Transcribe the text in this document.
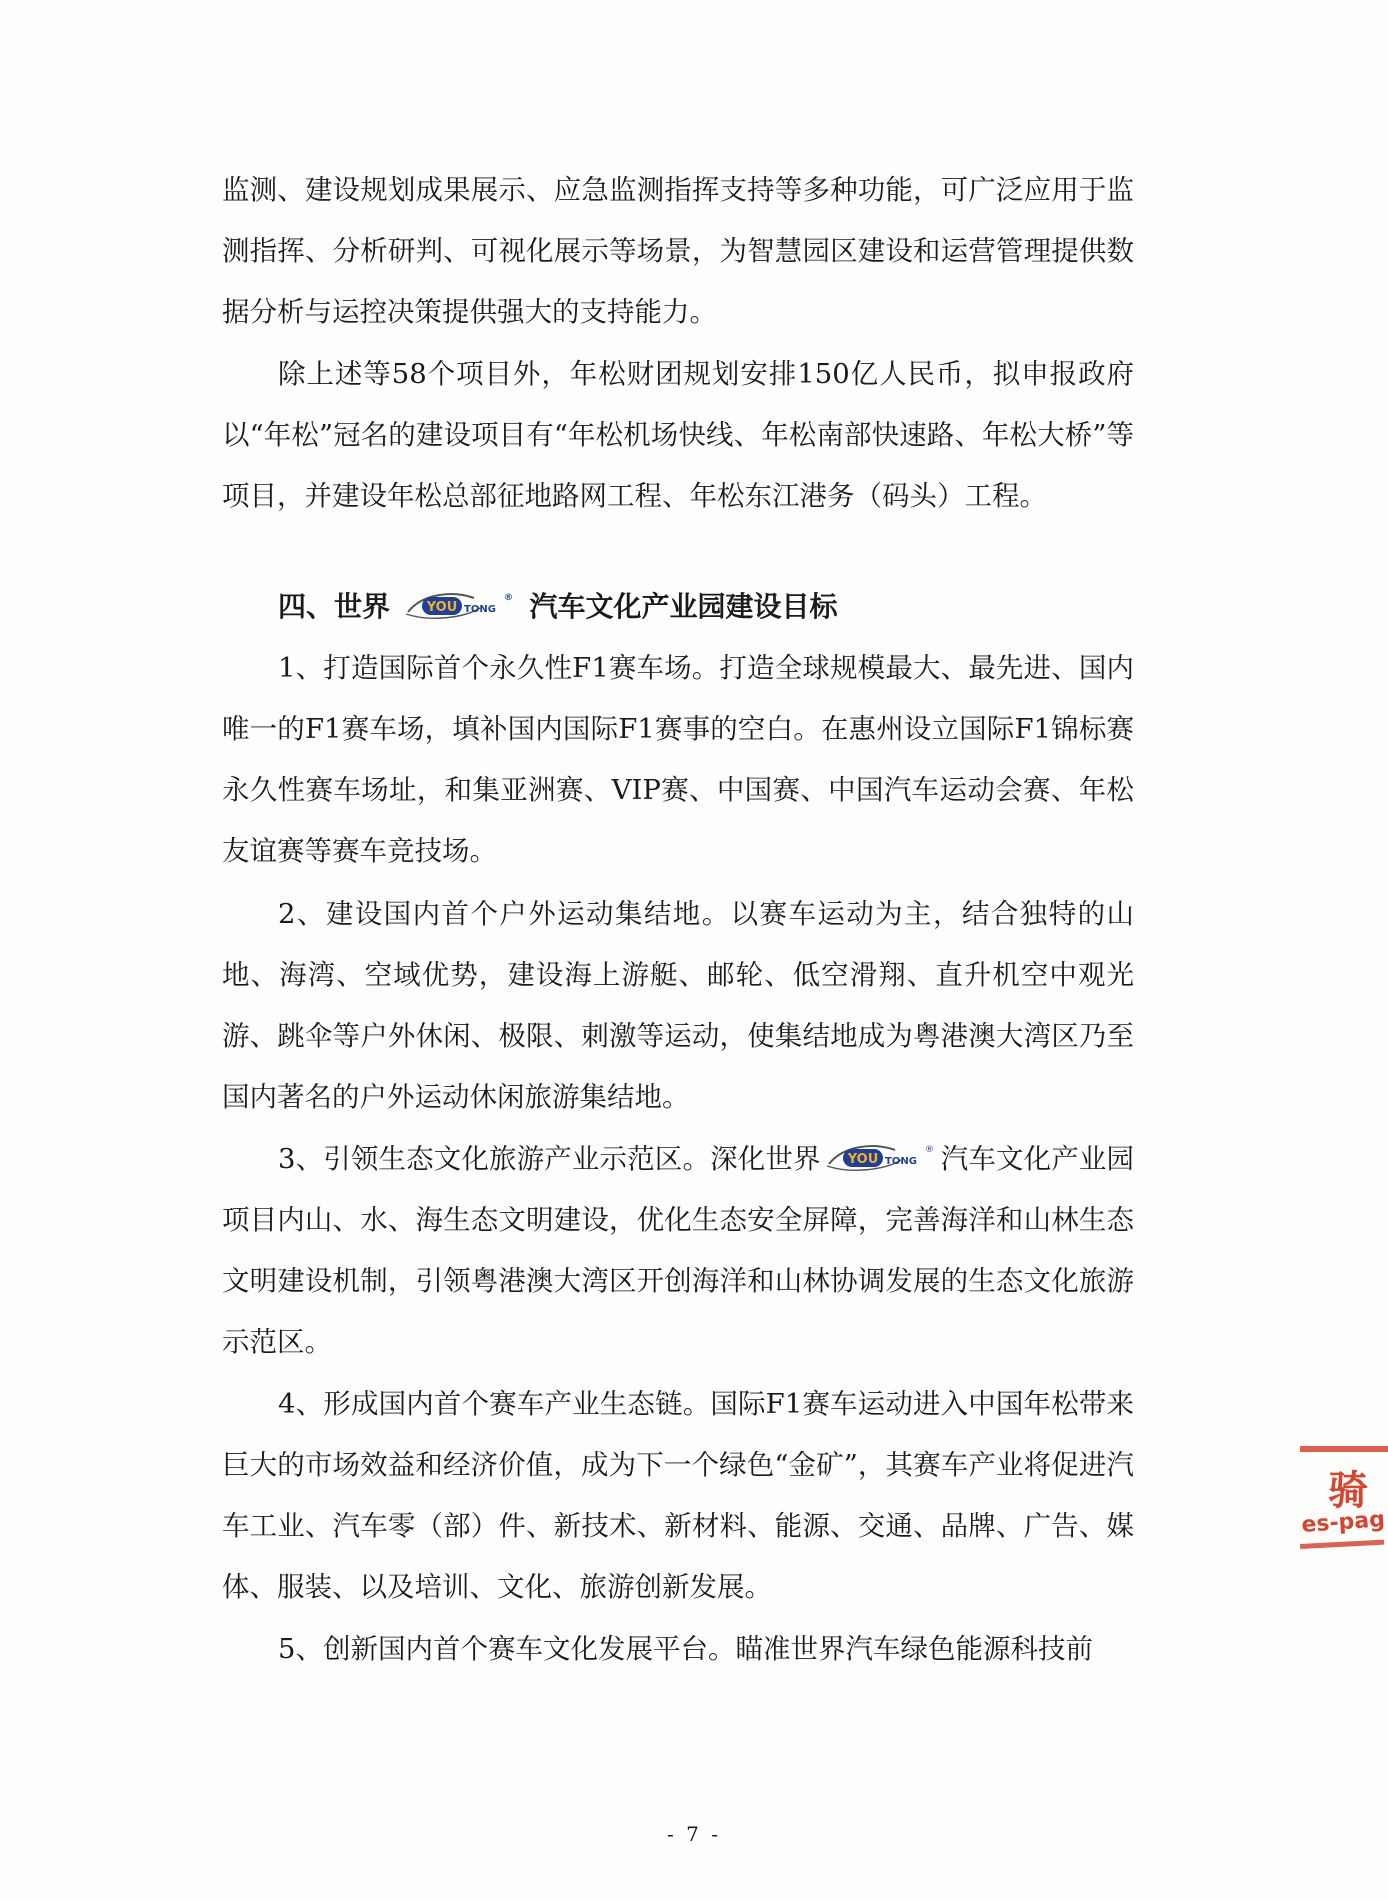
监测、建设规划成果展示、应急监测指挥支持等多种功能，可广泛应用于监测指挥、分析研判、可视化展示等场景，为智慧园区建设和运营管理提供数据分析与运控决策提供强大的支持能力。

除上述等58个项目外，年松财团规划安排150亿人民币，拟申报政府以“年松”冠名的建设项目有“年松机场快线、年松南部快速路、年松大桥”等项目，并建设年松总部征地路网工程、年松东江港务（码头）工程。

四、世界	YOU TONG
® 汽车文化产业园建设目标

1、打造国际首个永久性F1赛车场。打造全球规模最大、最先进、国内唯一的F1赛车场，填补国内国际F1赛事的空白。在惠州设立国际F1锦标赛永久性赛车场址，和集亚洲赛、VIP赛、中国赛、中国汽车运动会赛、年松友谊赛等赛车竞技场。

2、建设国内首个户外运动集结地。以赛车运动为主，结合独特的山地、海湾、空域优势，建设海上游艇、邮轮、低空滑翔、直升机空中观光游、跳伞等户外休闲、极限、刺激等运动，使集结地成为粤港澳大湾区乃至国内著名的户外运动休闲旅游集结地。

3、引领生态文化旅游产业示范区。深化世界 YOU TONG
® 汽车文化产业园项目内山、水、海生态文明建设，优化生态安全屏障，完善海洋和山林生态文明建设机制，引领粤港澳大湾区开创海洋和山林协调发展的生态文化旅游示范区。

4、形成国内首个赛车产业生态链。国际F1赛车运动进入中国年松带来巨大的市场效益和经济价值，成为下一个绿色“金矿”，其赛车产业将促进汽车工业、汽车零（部）件、新技术、新材料、能源、交通、品牌、广告、媒体、服装、以及培训、文化、旅游创新发展。

5、创新国内首个赛车文化发展平台。瞄准世界汽车绿色能源科技前

- 7 -
骑
es-pag
